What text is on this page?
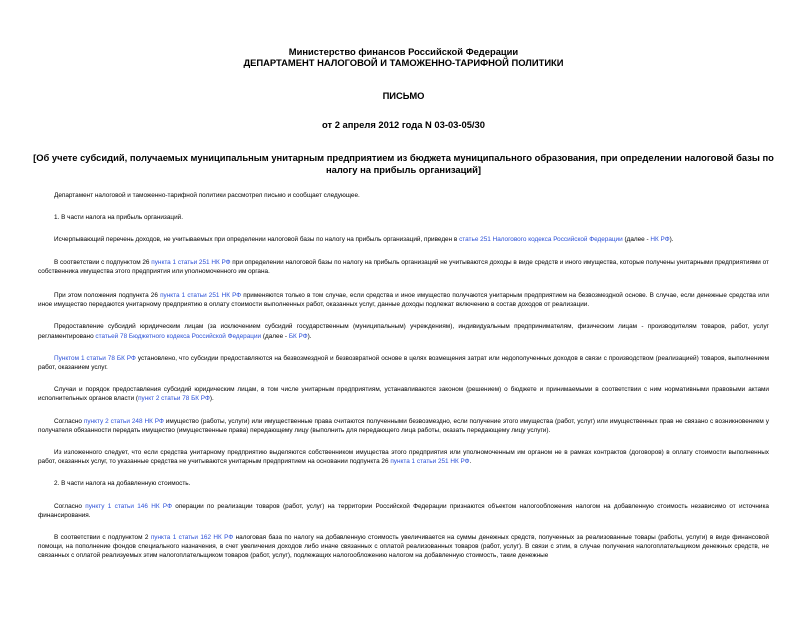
Министерство финансов Российской Федерации
ДЕПАРТАМЕНТ НАЛОГОВОЙ И ТАМОЖЕННО-ТАРИФНОЙ ПОЛИТИКИ
ПИСЬМО
от 2 апреля 2012 года N 03-03-05/30
[Об учете субсидий, получаемых муниципальным унитарным предприятием из бюджета муниципального образования, при определении налоговой базы по налогу на прибыль организаций]

Департамент налоговой и таможенно-тарифной политики рассмотрел письмо и сообщает следующее.

1. В части налога на прибыль организаций.

Исчерпывающий перечень доходов, не учитываемых при определении налоговой базы по налогу на прибыль организаций, приведен в статье 251 Налогового кодекса Российской Федерации (далее - НК РФ).

В соответствии с подпунктом 26 пункта 1 статьи 251 НК РФ при определении налоговой базы по налогу на прибыль организаций не учитываются доходы в виде средств и иного имущества, которые получены унитарными предприятиями от собственника имущества этого предприятия или уполномоченного им органа.

При этом положения подпункта 26 пункта 1 статьи 251 НК РФ применяются только в том случае, если средства и иное имущество получаются унитарным предприятием на безвозмездной основе. В случае, если денежные средства или иное имущество передаются унитарному предприятию в оплату стоимости выполненных работ, оказанных услуг, данные доходы подлежат включению в состав доходов от реализации.

Предоставление субсидий юридическим лицам (за исключением субсидий государственным (муниципальным) учреждениям), индивидуальным предпринимателям, физическим лицам - производителям товаров, работ, услуг регламентировано статьей 78 Бюджетного кодекса Российской Федерации (далее - БК РФ).

Пунктом 1 статьи 78 БК РФ установлено, что субсидии предоставляются на безвозмездной и безвозвратной основе в целях возмещения затрат или недополученных доходов в связи с производством (реализацией) товаров, выполнением работ, оказанием услуг.

Случаи и порядок предоставления субсидий юридическим лицам, в том числе унитарным предприятиям, устанавливаются законом (решением) о бюджете и принимаемыми в соответствии с ним нормативными правовыми актами исполнительных органов власти (пункт 2 статьи 78 БК РФ).

Согласно пункту 2 статьи 248 НК РФ имущество (работы, услуги) или имущественные права считаются полученными безвозмездно, если получение этого имущества (работ, услуг) или имущественных прав не связано с возникновением у получателя обязанности передать имущество (имущественные права) передающему лицу (выполнить для передающего лица работы, оказать передающему лицу услуги).

Из изложенного следует, что если средства унитарному предприятию выделяются собственником имущества этого предприятия или уполномоченным им органом не в рамках контрактов (договоров) в оплату стоимости выполненных работ, оказанных услуг, то указанные средства не учитываются унитарным предприятием на основании подпункта 26 пункта 1 статьи 251 НК РФ.

2. В части налога на добавленную стоимость.

Согласно пункту 1 статьи 146 НК РФ операции по реализации товаров (работ, услуг) на территории Российской Федерации признаются объектом налогообложения налогом на добавленную стоимость независимо от источника финансирования.

В соответствии с подпунктом 2 пункта 1 статьи 162 НК РФ налоговая база по налогу на добавленную стоимость увеличивается на суммы денежных средств, полученных за реализованные товары (работы, услуги) в виде финансовой помощи, на пополнение фондов специального назначения, в счет увеличения доходов либо иначе связанных с оплатой реализованных товаров (работ, услуг). В связи с этим, в случае получения налогоплательщиком денежных средств, не связанных с оплатой реализуемых этим налогоплательщиком товаров (работ, услуг), подлежащих налогообложению налогом на добавленную стоимость, такие денежные
